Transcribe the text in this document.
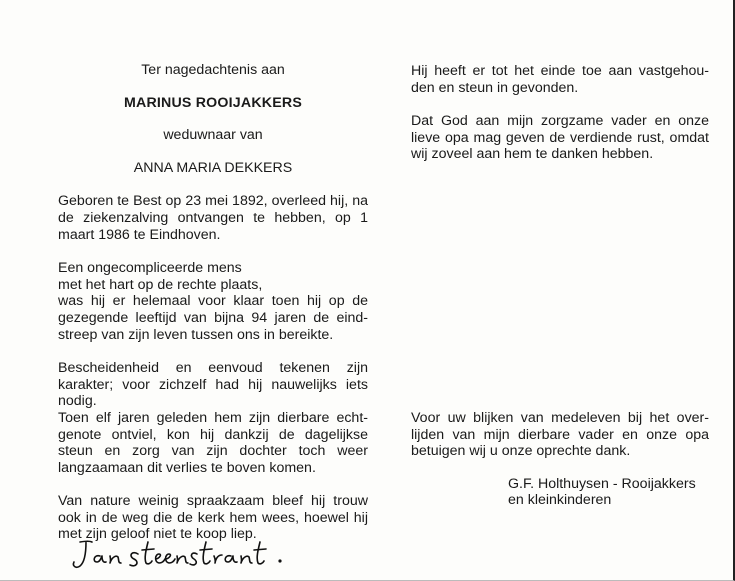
Ter nagedachtenis aan

MARINUS ROOIJAKKERS

weduwnaar van

ANNA MARIA DEKKERS

Geboren te Best op 23 mei 1892, overleed hij, na de ziekenzalving ontvangen te hebben, op 1 maart 1986 te Eindhoven.

Een ongecompliceerde mens

met het hart op de rechte plaats,

was hij er helemaal voor klaar toen hij op de gezegende leeftijd van bijna 94 jaren de eind-streep van zijn leven tussen ons in bereikte.

Bescheidenheid en eenvoud tekenen zijn karakter; voor zichzelf had hij nauwelijks iets nodig.

Toen elf jaren geleden hem zijn dierbare echt-genote ontviel, kon hij dankzij de dagelijkse steun en zorg van zijn dochter toch weer langzaamaan dit verlies te boven komen.

Van nature weinig spraakzaam bleef hij trouw ook in de weg die de kerk hem wees, hoewel hij met zijn geloof niet te koop liep.

Hij heeft er tot het einde toe aan vastgehou-den en steun in gevonden.

Dat God aan mijn zorgzame vader en onze lieve opa mag geven de verdiende rust, omdat wij zoveel aan hem te danken hebben.

Voor uw blijken van medeleven bij het over-lijden van mijn dierbare vader en onze opa betuigen wij u onze oprechte dank.

G.F. Holthuysen - Rooijakkers

en kleinkinderen
